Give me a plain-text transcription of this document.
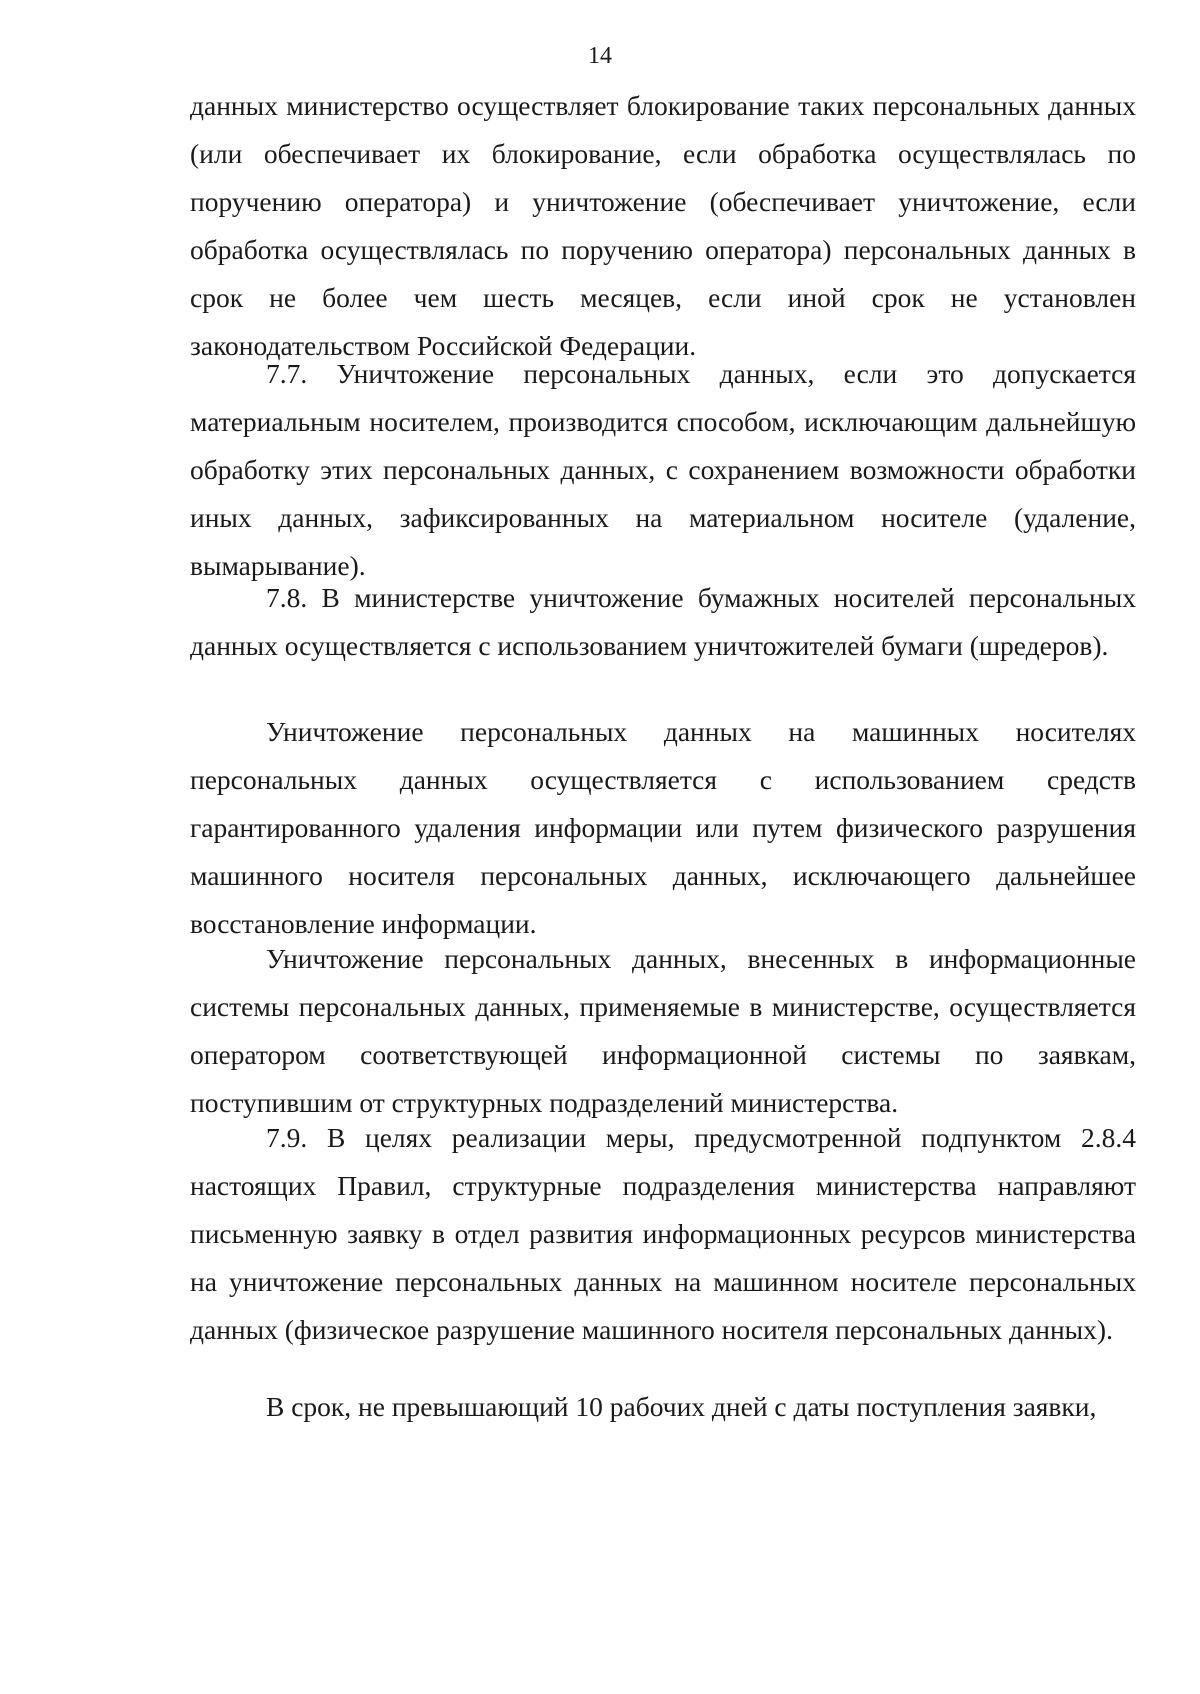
14

данных министерство осуществляет блокирование таких персональных данных (или обеспечивает их блокирование, если обработка осуществлялась по поручению оператора) и уничтожение (обеспечивает уничтожение, если обработка осуществлялась по поручению оператора) персональных данных в срок не более чем шесть месяцев, если иной срок не установлен законодательством Российской Федерации.

7.7. Уничтожение персональных данных, если это допускается материальным носителем, производится способом, исключающим дальнейшую обработку этих персональных данных, с сохранением возможности обработки иных данных, зафиксированных на материальном носителе (удаление, вымарывание).

7.8. В министерстве уничтожение бумажных носителей персональных данных осуществляется с использованием уничтожителей бумаги (шредеров).

Уничтожение персональных данных на машинных носителях персональных данных осуществляется с использованием средств гарантированного удаления информации или путем физического разрушения машинного носителя персональных данных, исключающего дальнейшее восстановление информации.

Уничтожение персональных данных, внесенных в информационные системы персональных данных, применяемые в министерстве, осуществляется оператором соответствующей информационной системы по заявкам, поступившим от структурных подразделений министерства.

7.9. В целях реализации меры, предусмотренной подпунктом 2.8.4 настоящих Правил, структурные подразделения министерства направляют письменную заявку в отдел развития информационных ресурсов министерства на уничтожение персональных данных на машинном носителе персональных данных (физическое разрушение машинного носителя персональных данных).

В срок, не превышающий 10 рабочих дней с даты поступления заявки,
